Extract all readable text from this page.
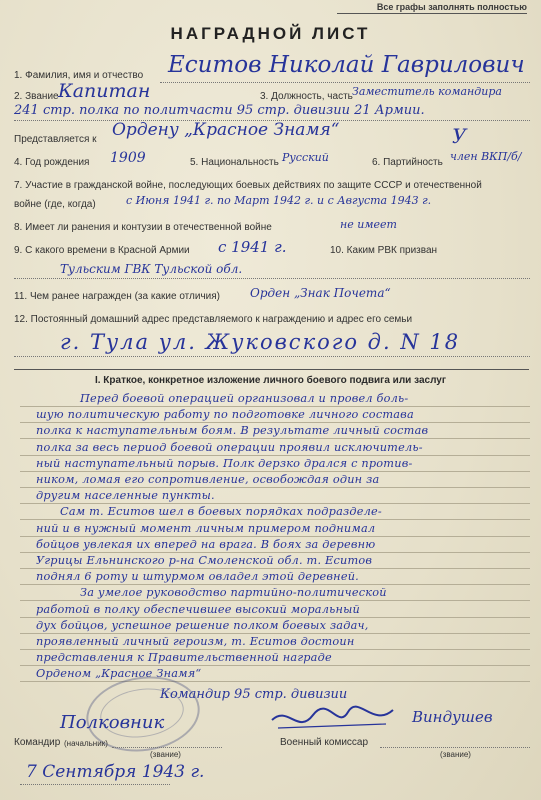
Все графы заполнять полностью
НАГРАДНОЙ ЛИСТ
1. Фамилия, имя и отчество Еситов Николай Гаврилович
2. Звание Капитан	3. Должность, часть Заместитель командира
241 стр. полка по политчасти 95 стр. дивизии 21 Армии.
Представляется к Ордену „Красное Знамя“	У
4. Год рождения 1909	5. Национальность Русский	6. Партийность член ВКП/б/
7. Участие в гражданской войне, последующих боевых действиях по защите СССР и отечественной
войне (где, когда)	с Июня 1941 г. по Март 1942 г. и с Августа 1943 г.
8. Имеет ли ранения и контузии в отечественной войне	не имеет
9. С какого времени в Красной Армии с 1941 г.	10. Каким РВК призван
Тульским ГВК Тульской обл.
11. Чем ранее награжден (за какие отличия)	Орден „Знак Почета“
12. Постоянный домашний адрес представляемого к награждению и адрес его семьи
г. Тула ул. Жуковского д. N 18
I. Краткое, конкретное изложение личного боевого подвига или заслуг
Перед боевой операцией организовал и провел боль-
шую политическую работу по подготовке личного состава
полка к наступательным боям. В результате личный состав
полка за весь период боевой операции проявил исключитель-
ный наступательный порыв. Полк дерзко дрался с против-
ником, ломая его сопротивление, освобождая один за
другим населенные пункты.
Сам т. Еситов шел в боевых порядках подразделе-
ний и в нужный момент личным примером поднимал
бойцов увлекая их вперед на врага. В боях за деревню
Угрицы Ельнинского р-на Смоленской обл. т. Еситов
поднял 6 роту и штурмом овладел этой деревней.
За умелое руководство партийно-политической
работой в полку обеспечившее высокий моральный
дух бойцов, успешное решение полком боевых задач,
проявленный личный героизм, т. Еситов достоин
представления к Правительственной награде
Орденом „Красное Знамя“
Командир 95 стр. дивизии
Полковник	Виндушев
Командир (начальник)
(звание)
Военный комиссар
(звание)
7 Сентября 1943 г.
